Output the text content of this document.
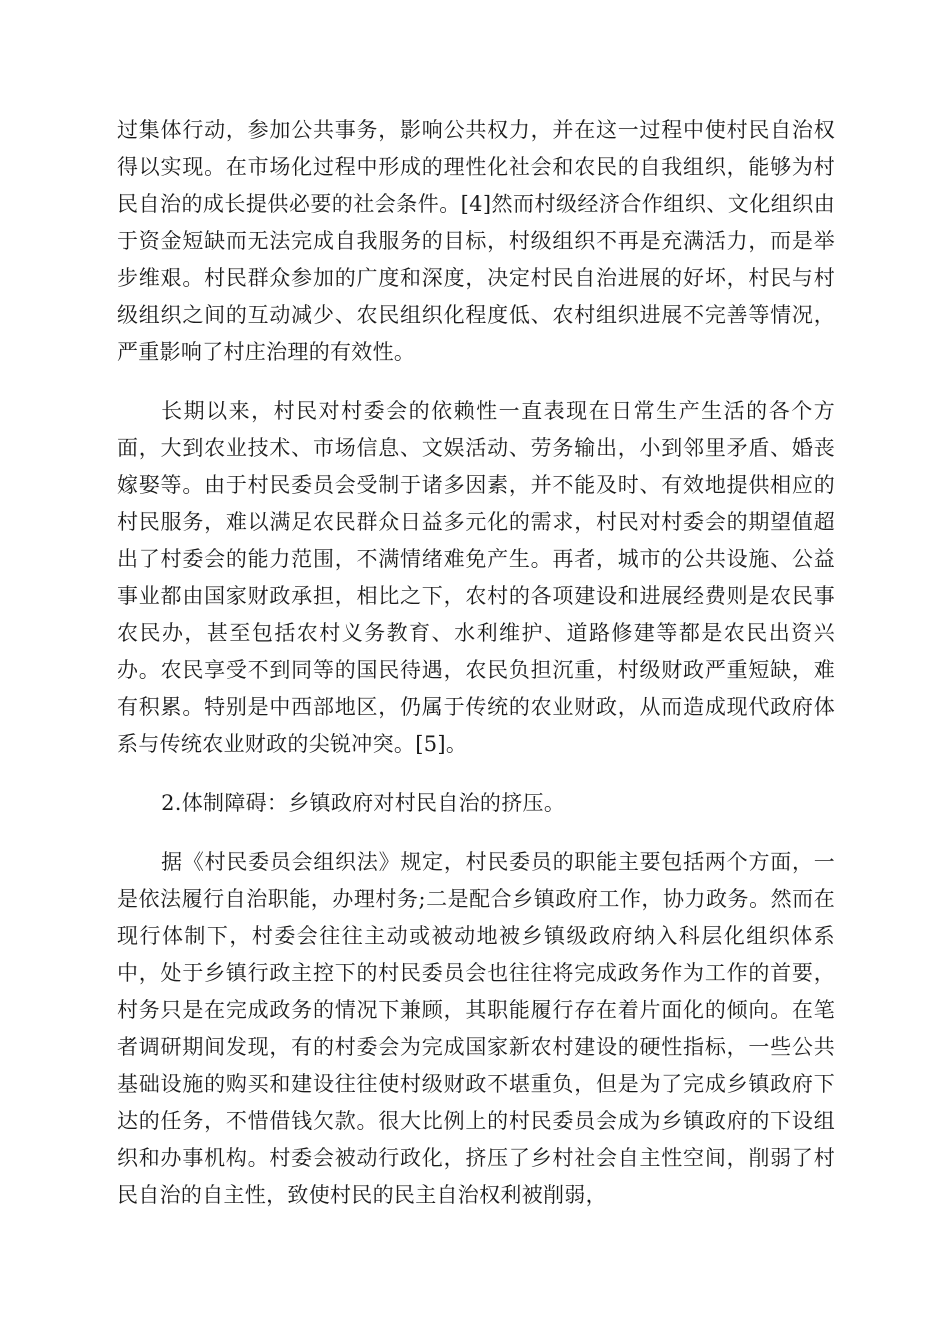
过集体行动，参加公共事务，影响公共权力，并在这一过程中使村民自治权得以实现。在市场化过程中形成的理性化社会和农民的自我组织，能够为村民自治的成长提供必要的社会条件。[4]然而村级经济合作组织、文化组织由于资金短缺而无法完成自我服务的目标，村级组织不再是充满活力，而是举步维艰。村民群众参加的广度和深度，决定村民自治进展的好坏，村民与村级组织之间的互动减少、农民组织化程度低、农村组织进展不完善等情况，严重影响了村庄治理的有效性。

长期以来，村民对村委会的依赖性一直表现在日常生产生活的各个方面，大到农业技术、市场信息、文娱活动、劳务输出，小到邻里矛盾、婚丧嫁娶等。由于村民委员会受制于诸多因素，并不能及时、有效地提供相应的村民服务，难以满足农民群众日益多元化的需求，村民对村委会的期望值超出了村委会的能力范围，不满情绪难免产生。再者，城市的公共设施、公益事业都由国家财政承担，相比之下，农村的各项建设和进展经费则是农民事农民办，甚至包括农村义务教育、水利维护、道路修建等都是农民出资兴办。农民享受不到同等的国民待遇，农民负担沉重，村级财政严重短缺，难有积累。特别是中西部地区，仍属于传统的农业财政，从而造成现代政府体系与传统农业财政的尖锐冲突。[5]。

2.体制障碍：乡镇政府对村民自治的挤压。

据《村民委员会组织法》规定，村民委员的职能主要包括两个方面，一是依法履行自治职能，办理村务;二是配合乡镇政府工作，协力政务。然而在现行体制下，村委会往往主动或被动地被乡镇级政府纳入科层化组织体系中，处于乡镇行政主控下的村民委员会也往往将完成政务作为工作的首要，村务只是在完成政务的情况下兼顾，其职能履行存在着片面化的倾向。在笔者调研期间发现，有的村委会为完成国家新农村建设的硬性指标，一些公共基础设施的购买和建设往往使村级财政不堪重负，但是为了完成乡镇政府下达的任务，不惜借钱欠款。很大比例上的村民委员会成为乡镇政府的下设组织和办事机构。村委会被动行政化，挤压了乡村社会自主性空间，削弱了村民自治的自主性，致使村民的民主自治权利被削弱，
